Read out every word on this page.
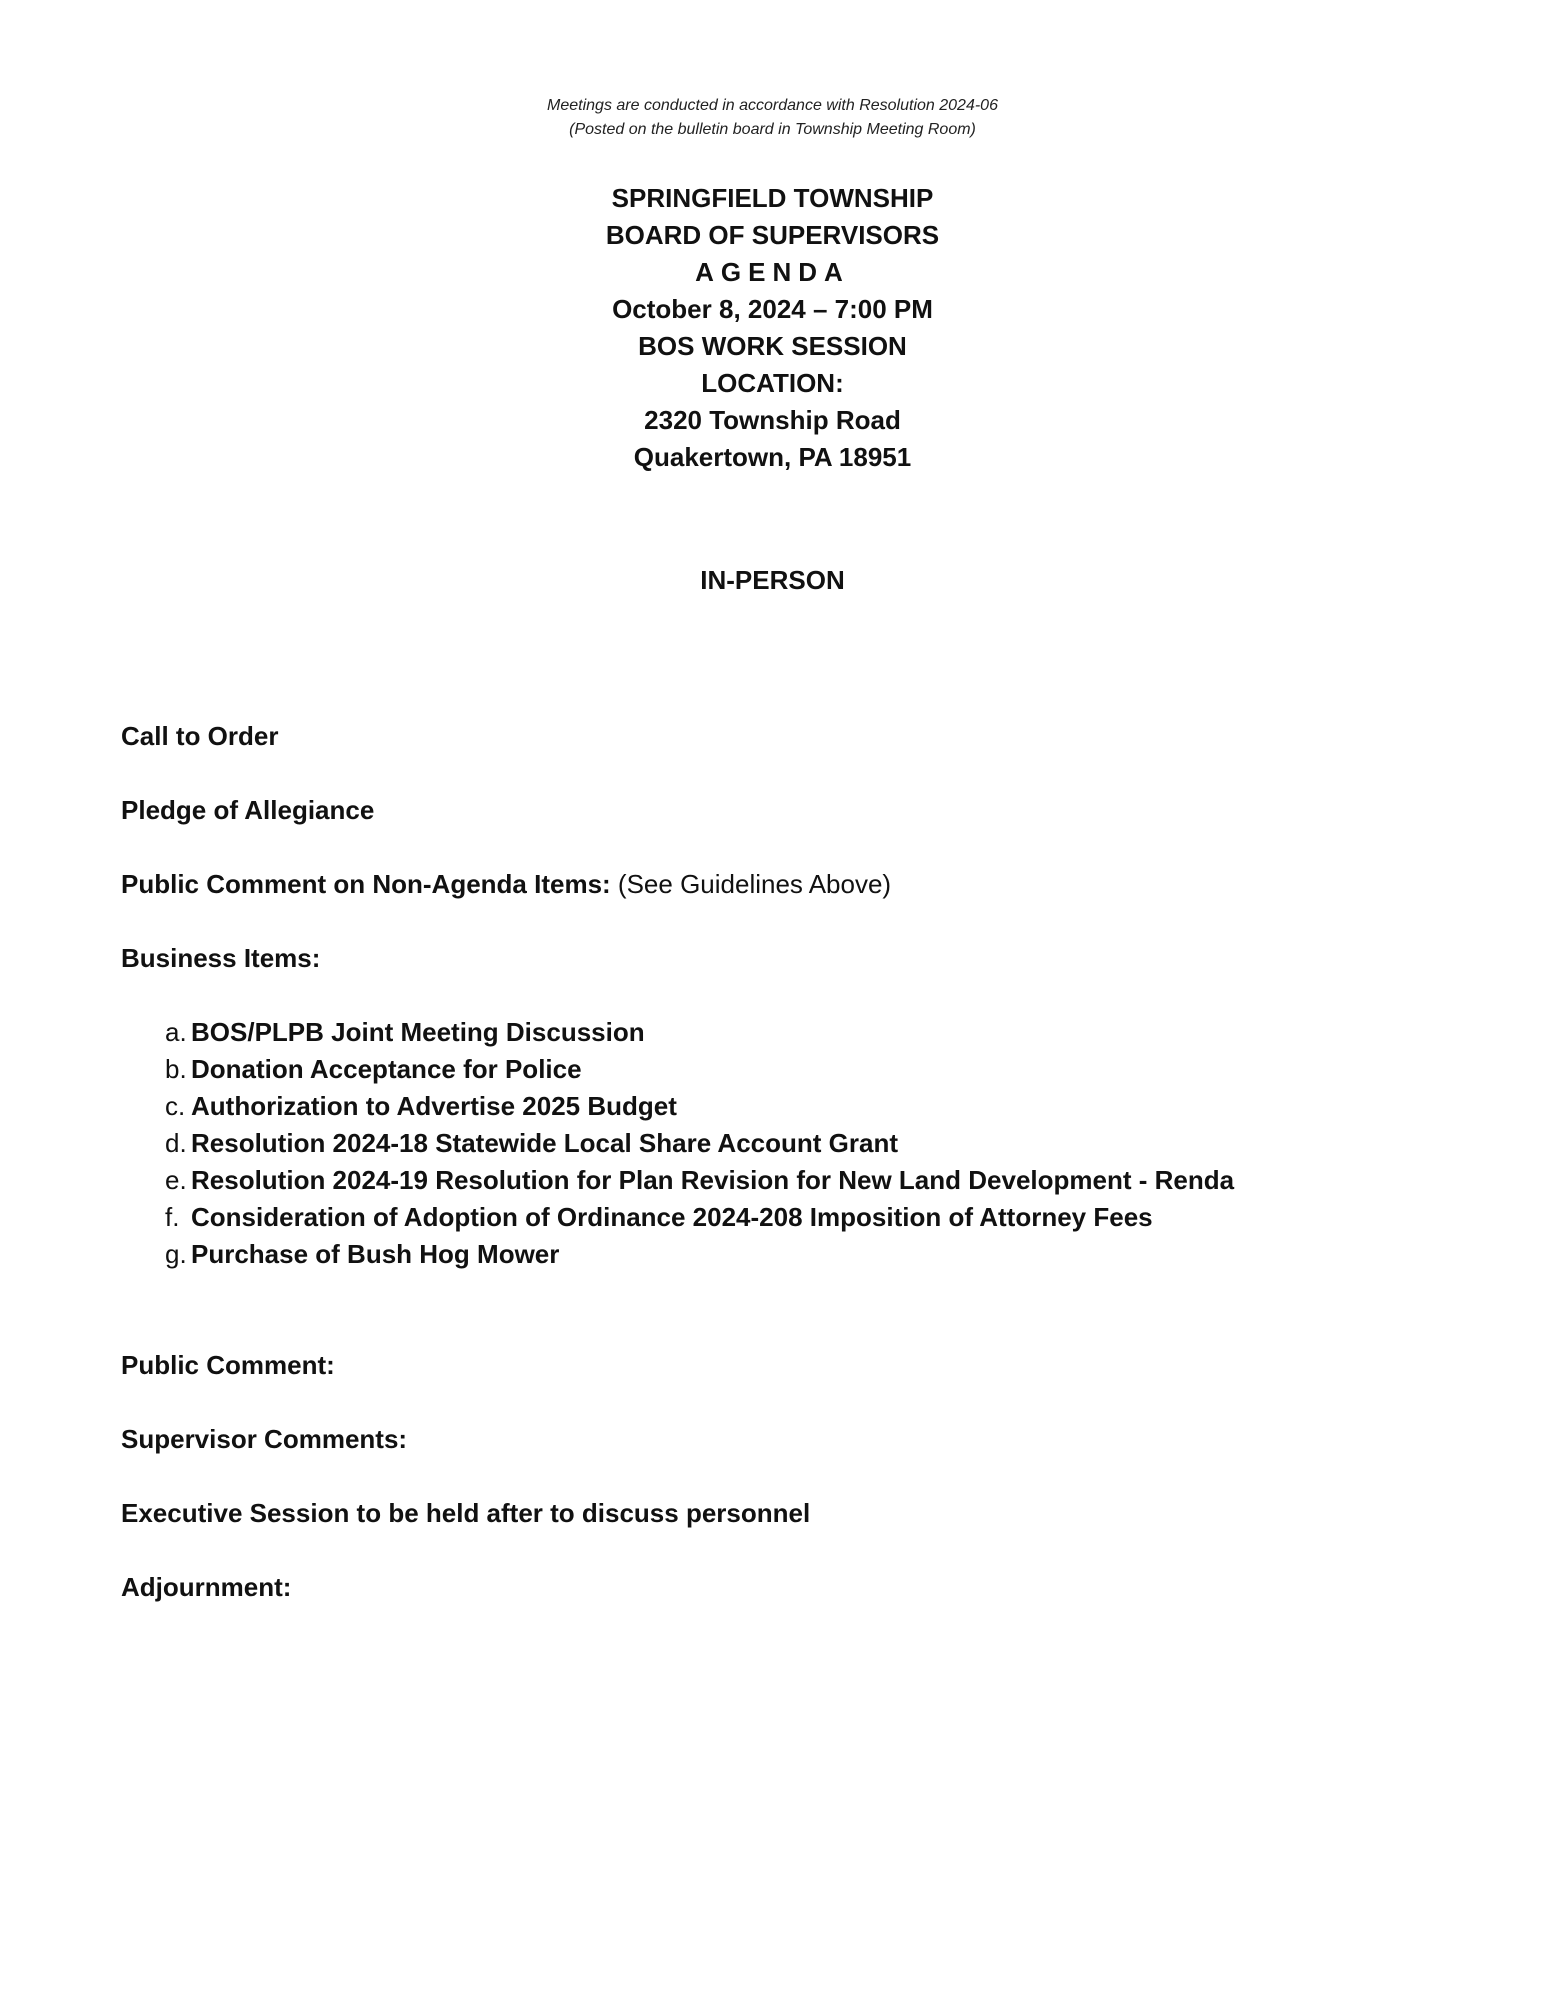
Meetings are conducted in accordance with Resolution 2024-06
(Posted on the bulletin board in Township Meeting Room)
SPRINGFIELD TOWNSHIP
BOARD OF SUPERVISORS
AGENDA
October 8, 2024 – 7:00 PM
BOS WORK SESSION
LOCATION:
2320 Township Road
Quakertown, PA 18951
IN-PERSON
Call to Order
Pledge of Allegiance
Public Comment on Non-Agenda Items: (See Guidelines Above)
Business Items:
a. BOS/PLPB Joint Meeting Discussion
b. Donation Acceptance for Police
c. Authorization to Advertise 2025 Budget
d. Resolution 2024-18 Statewide Local Share Account Grant
e. Resolution 2024-19 Resolution for Plan Revision for New Land Development - Renda
f. Consideration of Adoption of Ordinance 2024-208 Imposition of Attorney Fees
g. Purchase of Bush Hog Mower
Public Comment:
Supervisor Comments:
Executive Session to be held after to discuss personnel
Adjournment:
